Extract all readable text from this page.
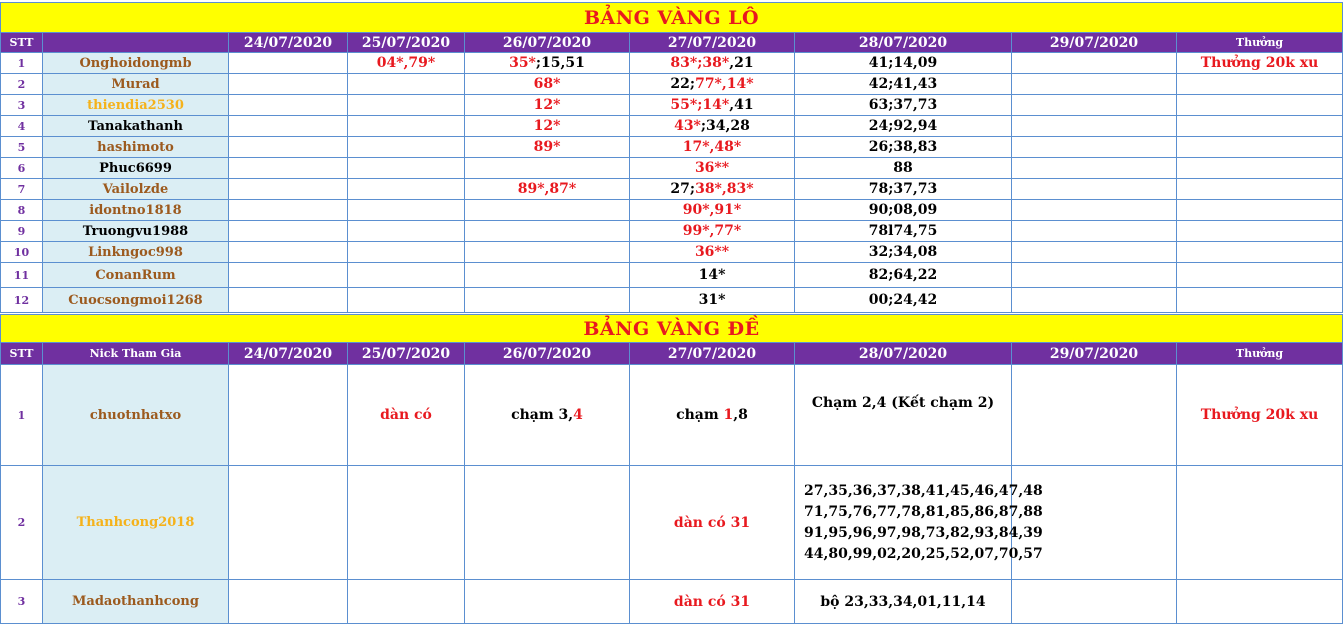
BẢNG VÀNG LÔ								
STT		24/07/2020	25/07/2020	26/07/2020	27/07/2020	28/07/2020	29/07/2020	Thưởng
1	Onghoidongmb		04*,79*	35*;15,51	83*;38*,21	41;14,09		Thưởng 20k xu
2	Murad			68*	22;77*,14*	42;41,43		
3	thiendia2530			12*	55*;14*,41	63;37,73		
4	Tanakathanh			12*	43*;34,28	24;92,94		
5	hashimoto			89*	17*,48*	26;38,83		
6	Phuc6699				36**	88		
7	Vailolzde			89*,87*	27;38*,83*	78;37,73		
8	idontno1818				90*,91*	90;08,09		
9	Truongvu1988				99*,77*	78l74,75		
10	Linkngoc998				36**	32;34,08		
11	ConanRum				14*	82;64,22		
12	Cuocsongmoi1268				31*	00;24,42		
BẢNG VÀNG ĐỀ								
STT	Nick Tham Gia	24/07/2020	25/07/2020	26/07/2020	27/07/2020	28/07/2020	29/07/2020	Thưởng
1	chuotnhatxo		dàn có	chạm 3,4	chạm 1,8	Chạm 2,4 (Kết chạm 2)		Thưởng 20k xu
2	Thanhcong2018				dàn có 31	27,35,36,37,38,41,45,46,47,48
71,75,76,77,78,81,85,86,87,88
91,95,96,97,98,73,82,93,84,39
44,80,99,02,20,25,52,07,70,57		

3	Madaothanhcong				dàn có 31	bộ 23,33,34,01,11,14		
